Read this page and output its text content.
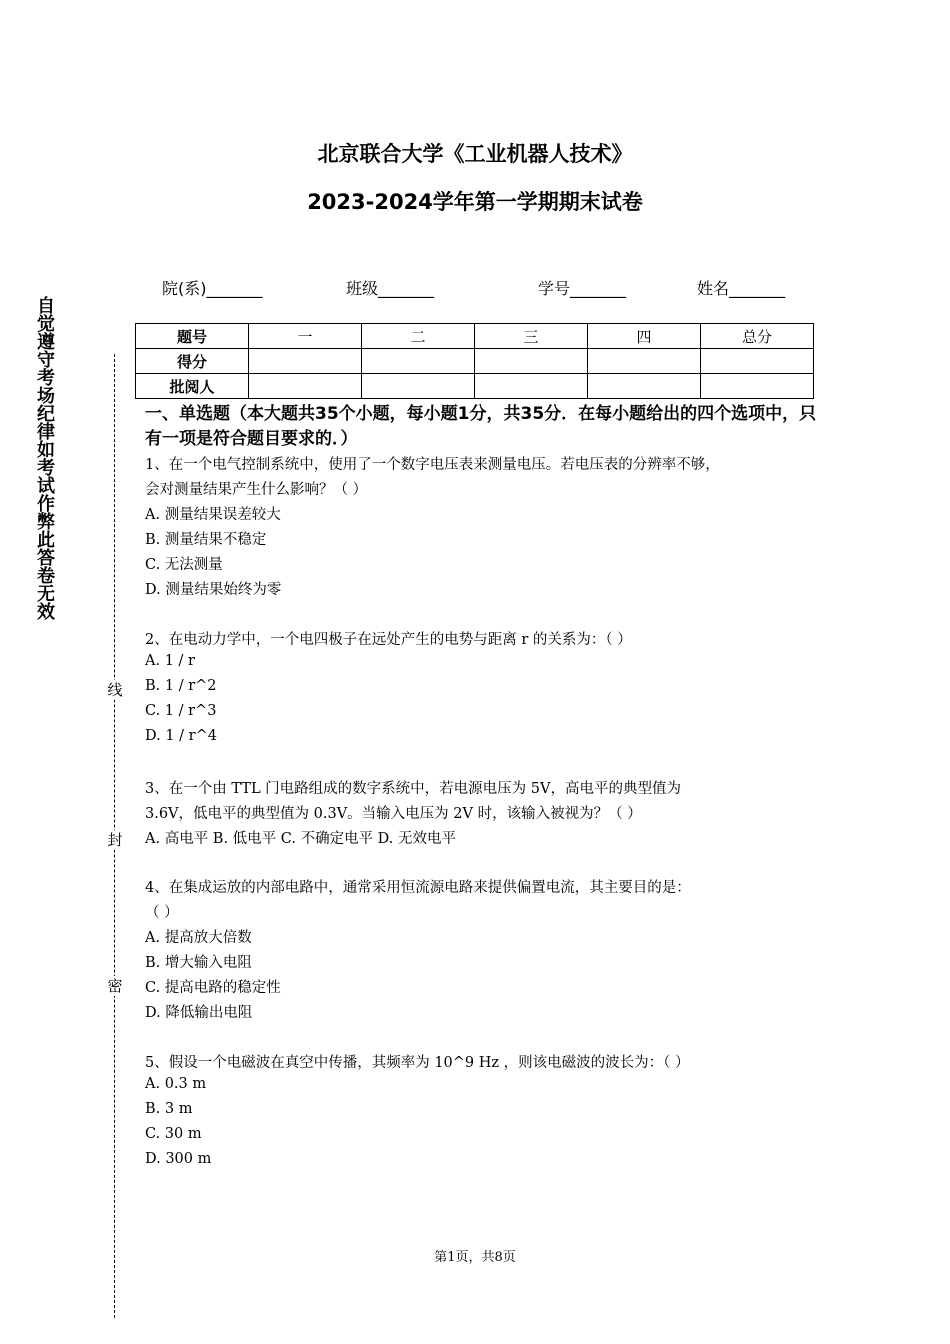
北京联合大学《工业机器人技术》
2023-2024学年第一学期期末试卷
自觉遵守考场纪律如考试作弊此答卷无效
线
封
密
院(系)_______	班级_______	学号_______	姓名_______
题号	一	二	三	四	总分
得分					
批阅人					
一、单选题（本大题共35个小题，每小题1分，共35分．在每小题给出的四个选项中，只有一项是符合题目要求的．）
1、在一个电气控制系统中，使用了一个数字电压表来测量电压。若电压表的分辨率不够，
会对测量结果产生什么影响？（ ）
A. 测量结果误差较大
B. 测量结果不稳定
C. 无法测量
D. 测量结果始终为零
2、在电动力学中，一个电四极子在远处产生的电势与距离 r 的关系为：（ ）
A. 1 / r
B. 1 / r^2
C. 1 / r^3
D. 1 / r^4
3、在一个由 TTL 门电路组成的数字系统中，若电源电压为 5V，高电平的典型值为
3.6V，低电平的典型值为 0.3V。当输入电压为 2V 时，该输入被视为？（ ）
A. 高电平 B. 低电平 C. 不确定电平 D. 无效电平
4、在集成运放的内部电路中，通常采用恒流源电路来提供偏置电流，其主要目的是：
（ ）
A. 提高放大倍数
B. 增大输入电阻
C. 提高电路的稳定性
D. 降低输出电阻
5、假设一个电磁波在真空中传播，其频率为 10^9 Hz ，则该电磁波的波长为：（ ）
A. 0.3 m
B. 3 m
C. 30 m
D. 300 m
第1页，共8页
